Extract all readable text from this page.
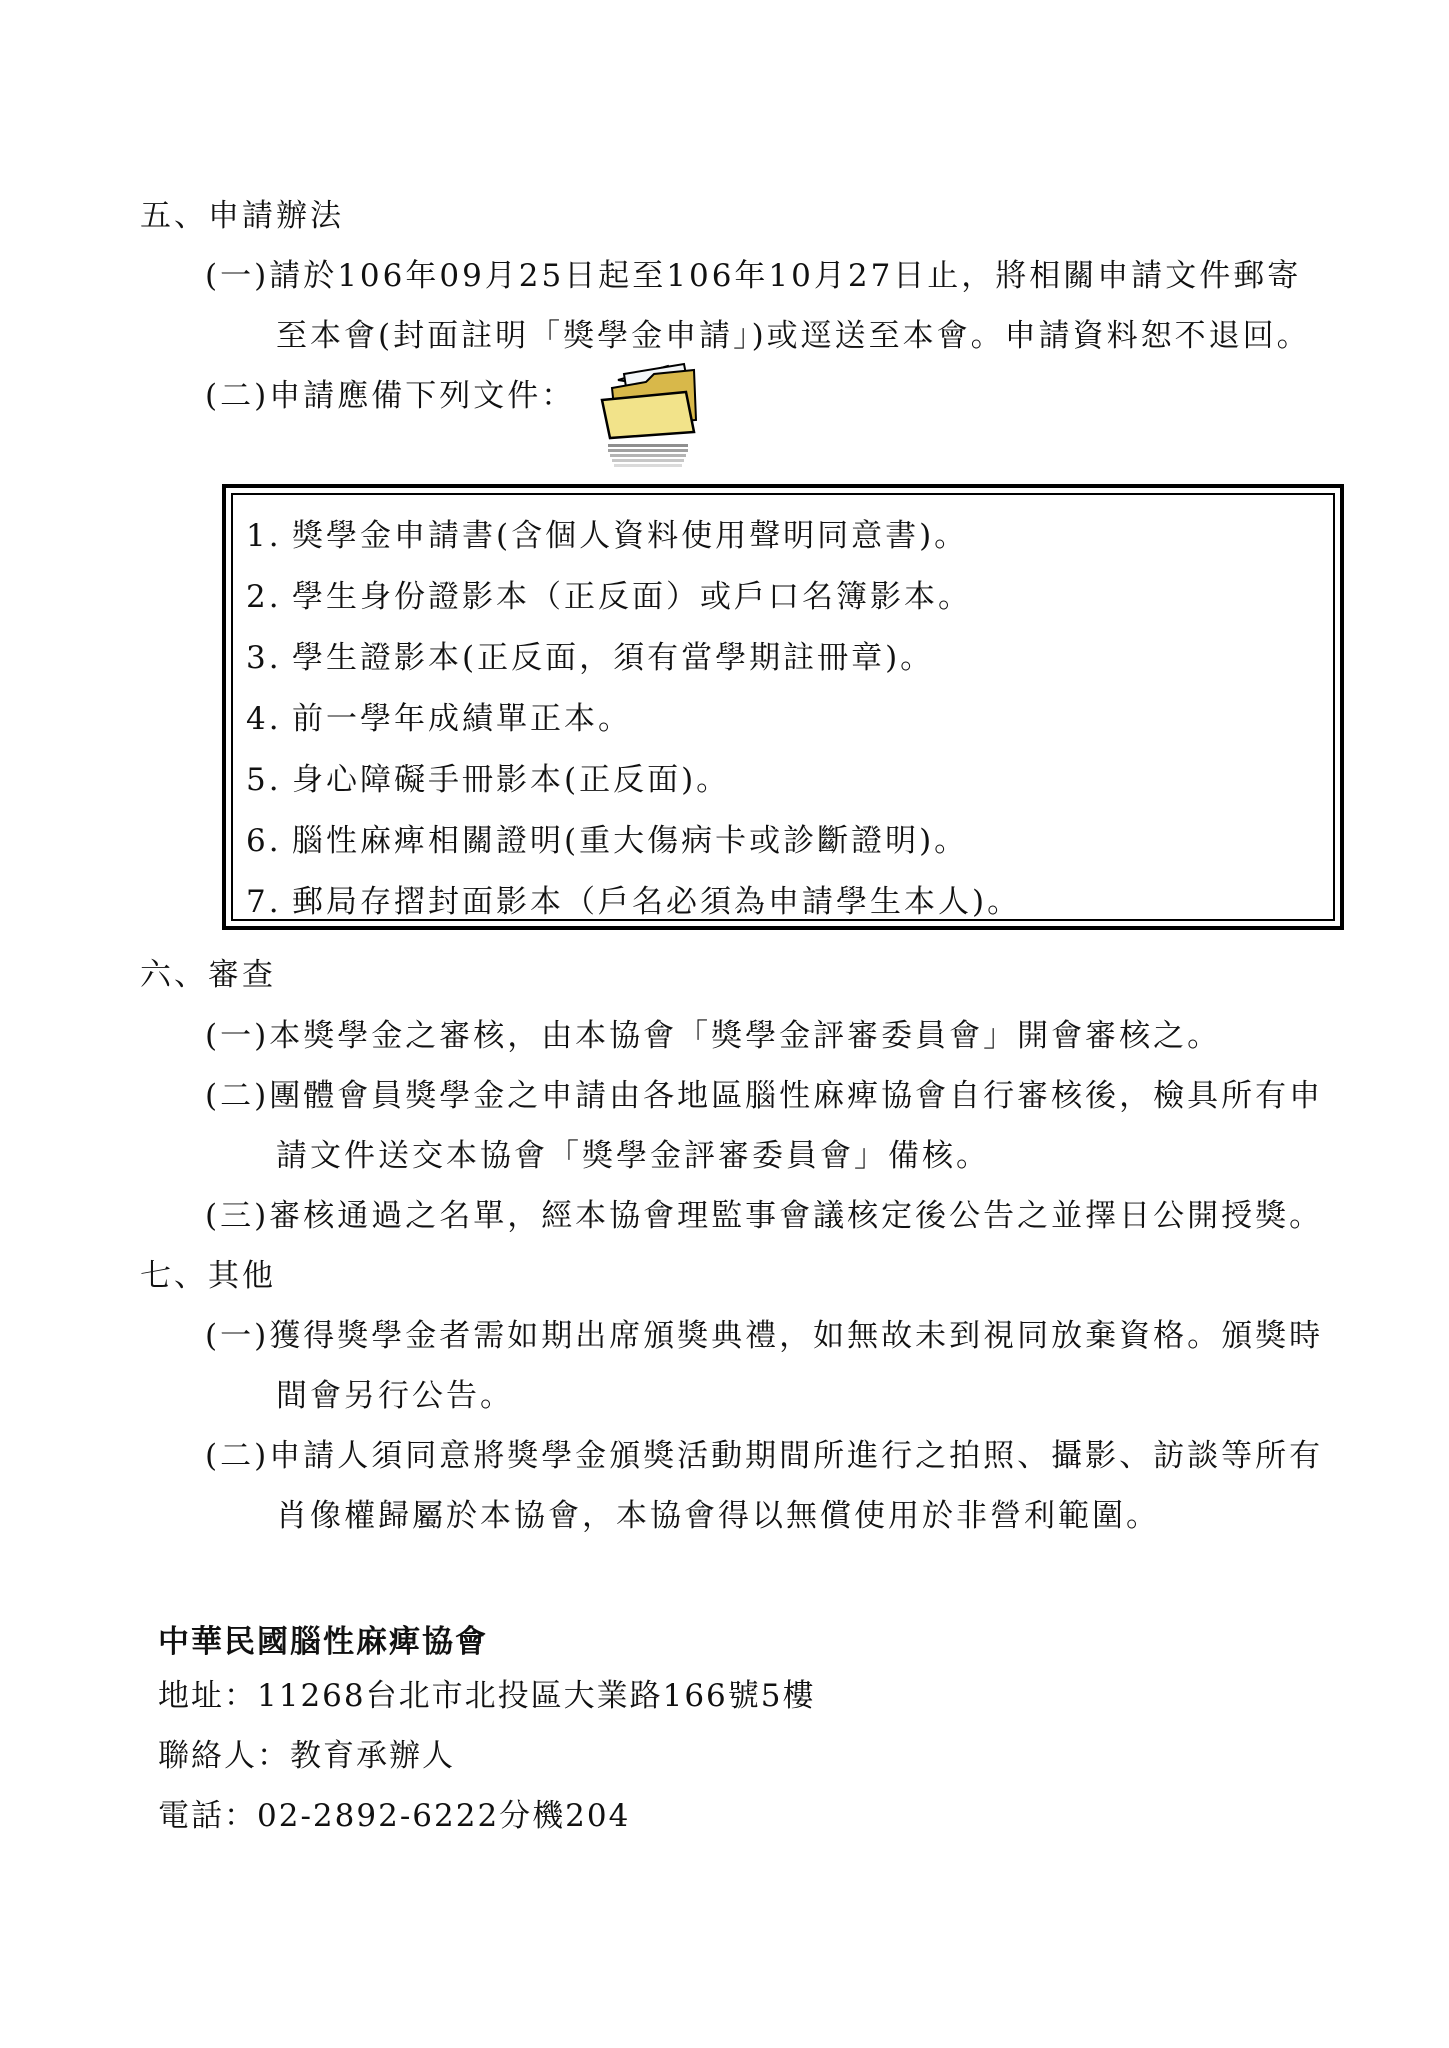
五、申請辦法
(一)請於106年09月25日起至106年10月27日止，將相關申請文件郵寄
至本會(封面註明「獎學金申請」)或逕送至本會。申請資料恕不退回。
(二)申請應備下列文件：
1. 獎學金申請書(含個人資料使用聲明同意書)。
2. 學生身份證影本（正反面）或戶口名簿影本。
3. 學生證影本(正反面，須有當學期註冊章)。
4. 前一學年成績單正本。
5. 身心障礙手冊影本(正反面)。
6. 腦性麻痺相關證明(重大傷病卡或診斷證明)。
7. 郵局存摺封面影本（戶名必須為申請學生本人)。
六、審查
(一)本獎學金之審核，由本協會「獎學金評審委員會」開會審核之。
(二)團體會員獎學金之申請由各地區腦性麻痺協會自行審核後，檢具所有申
請文件送交本協會「獎學金評審委員會」備核。
(三)審核通過之名單，經本協會理監事會議核定後公告之並擇日公開授獎。
七、其他
(一)獲得獎學金者需如期出席頒獎典禮，如無故未到視同放棄資格。頒獎時
間會另行公告。
(二)申請人須同意將獎學金頒獎活動期間所進行之拍照、攝影、訪談等所有
肖像權歸屬於本協會，本協會得以無償使用於非營利範圍。
中華民國腦性麻痺協會
地址：11268台北市北投區大業路166號5樓
聯絡人：教育承辦人
電話：02-2892-6222分機204
